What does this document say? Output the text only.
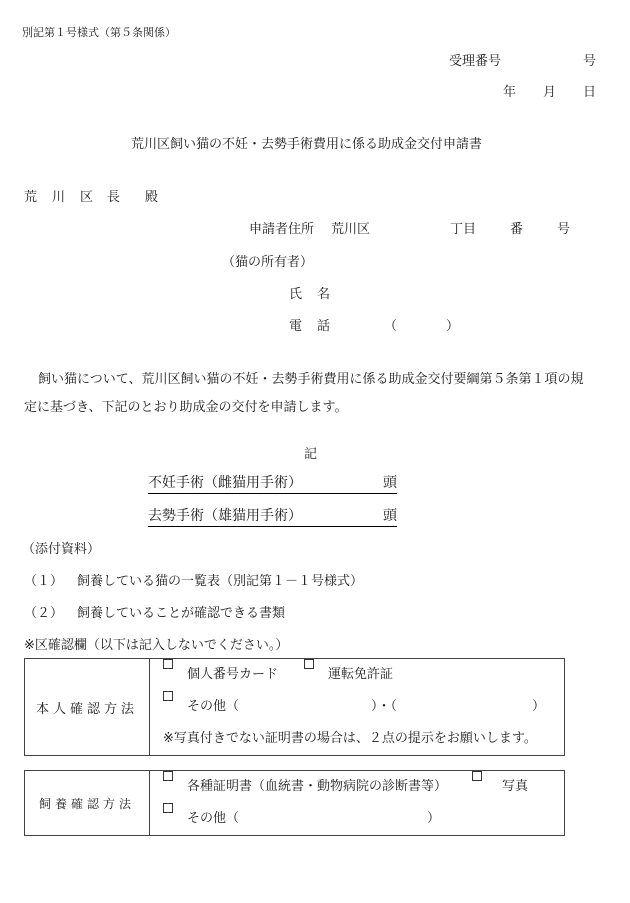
別記第１号様式（第５条関係）
受理番号	号
年 月 日
荒川区飼い猫の不妊・去勢手術費用に係る助成金交付申請書
荒 川 区 長 殿
申請者住所 荒川区	丁目	番	号
（猫の所有者）
氏 名
電 話	（	）
飼い猫について、荒川区飼い猫の不妊・去勢手術費用に係る助成金交付要綱第５条第１項の規
定に基づき、下記のとおり助成金の交付を申請します。
記
不妊手術（雌猫用手術）	頭
去勢手術（雄猫用手術）	頭
（添付資料）
（１） 飼養している猫の一覧表（別記第１－１号様式）
（２） 飼養していることが確認できる書類
※区確認欄（以下は記入しないでください。）
本人確認方法	
個人番号カード	運転免許証
その他（	）・（	）
※写真付きでない証明書の場合は、２点の提示をお願いします。
飼養確認方法	
各種証明書（血統書・動物病院の診断書等）	写真
その他（	）
